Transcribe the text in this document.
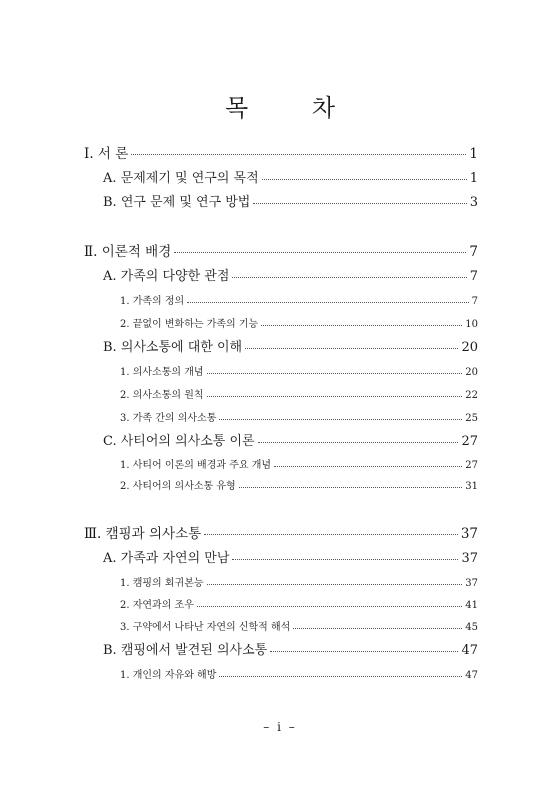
목 차
Ⅰ. 서 론	1
A. 문제제기 및 연구의 목적	1
B. 연구 문제 및 연구 방법	3
Ⅱ. 이론적 배경	7
A. 가족의 다양한 관점	7
1. 가족의 정의	7
2. 끝없이 변화하는 가족의 기능	10
B. 의사소통에 대한 이해	20
1. 의사소통의 개념	20
2. 의사소통의 원칙	22
3. 가족 간의 의사소통	25
C. 사티어의 의사소통 이론	27
1. 사티어 이론의 배경과 주요 개념	27
2. 사티어의 의사소통 유형	31
Ⅲ. 캠핑과 의사소통	37
A. 가족과 자연의 만남	37
1. 캠핑의 회귀본능	37
2. 자연과의 조우	41
3. 구약에서 나타난 자연의 신학적 해석	45
B. 캠핑에서 발견된 의사소통	47
1. 개인의 자유와 해방	47
– i –
